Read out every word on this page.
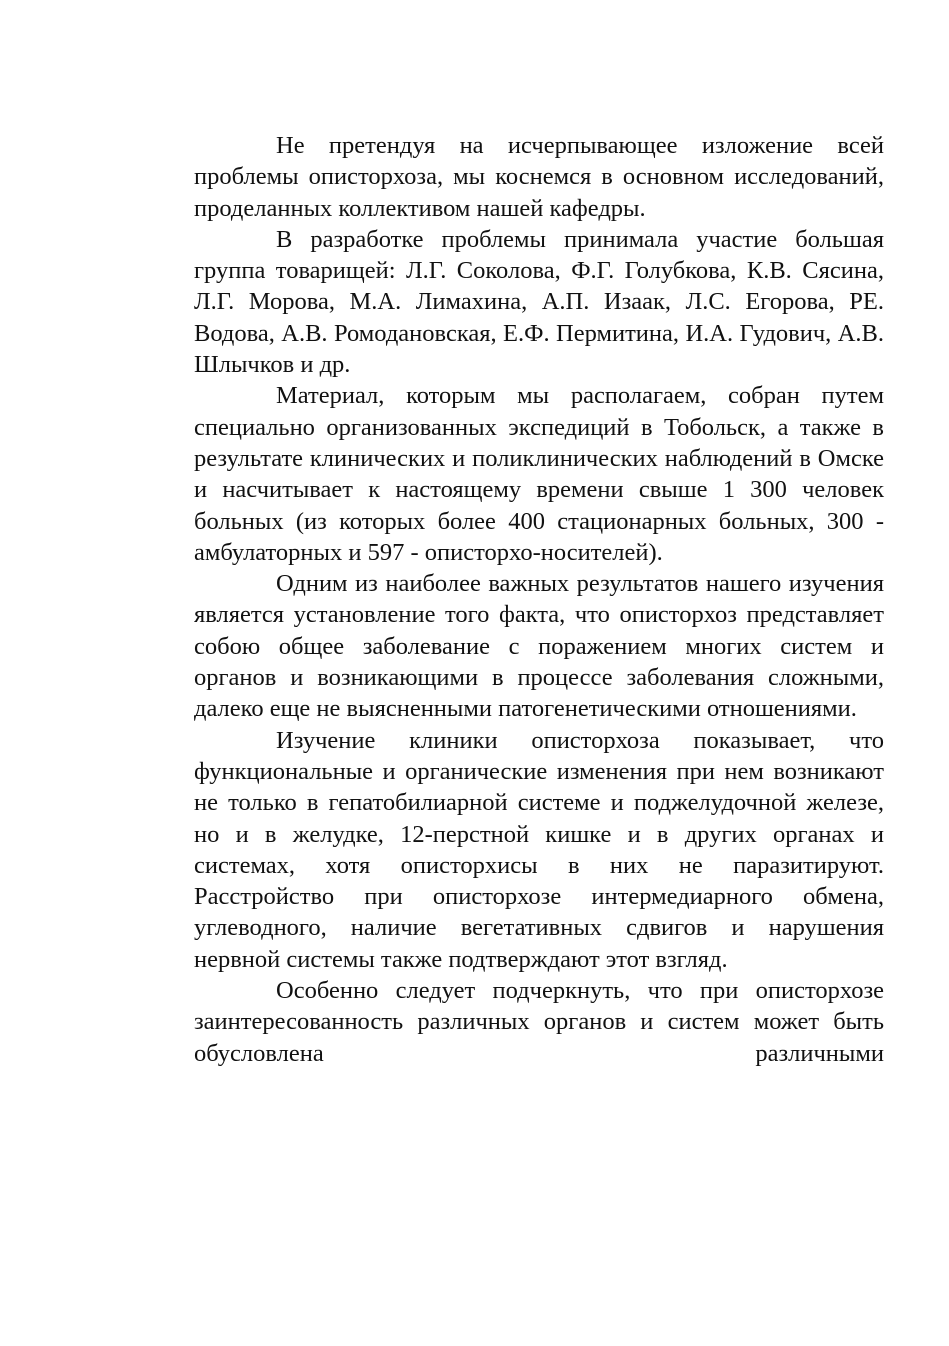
Не претендуя на исчерпывающее изложение всей проблемы описторхоза, мы коснемся в основном исследований, проделанных коллективом нашей кафедры.

В разработке проблемы принимала участие большая группа товарищей: Л.Г. Соколова, Ф.Г. Голубкова, К.В. Сясина, Л.Г. Морова, М.А. Лимахина, А.П. Изаак, Л.С. Егорова, РЕ. Водова, А.В. Ромодановская, Е.Ф. Пермитина, И.А. Гудович, А.В. Шлычков и др.

Материал, которым мы располагаем, собран путем специально организованных экспедиций в Тобольск, а также в результате клинических и поликлинических наблюдений в Омске и насчитывает к настоящему времени свыше 1 300 человек больных (из которых более 400 стационарных больных, 300 - амбулаторных и 597 - описторхо-носителей).

Одним из наиболее важных результатов нашего изучения является установление того факта, что описторхоз представляет собою общее заболевание с поражением многих систем и органов и возникающими в процессе заболевания сложными, далеко еще не выясненными патогенетическими отношениями.

Изучение клиники описторхоза показывает, что функциональные и органические изменения при нем возникают не только в гепатобилиарной системе и поджелудочной железе, но и в желудке, 12-перстной кишке и в других органах и системах, хотя описторхисы в них не паразитируют. Расстройство при описторхозе интермедиарного обмена, углеводного, наличие вегетативных сдвигов и нарушения нервной системы также подтверждают этот взгляд.

Особенно следует подчеркнуть, что при описторхозе заинтересованность различных органов и систем может быть обусловлена различными
